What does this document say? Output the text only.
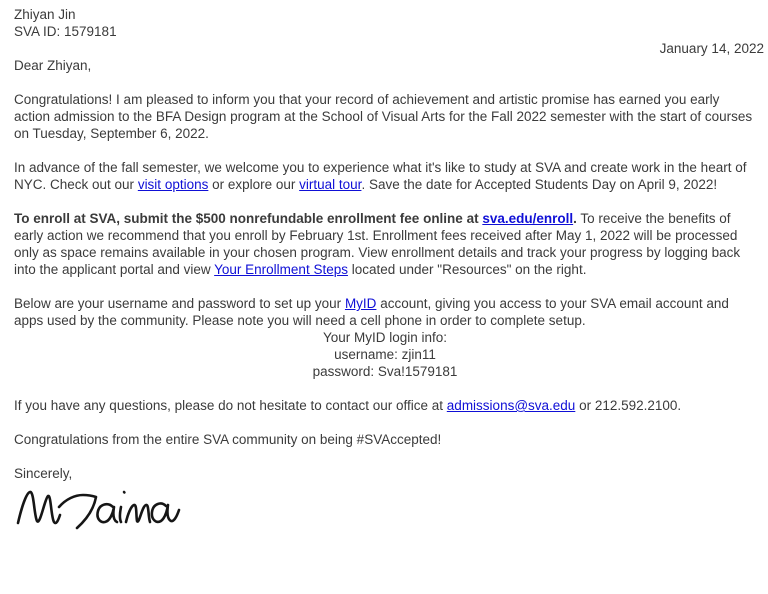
Zhiyan Jin
SVA ID: 1579181
January 14, 2022
Dear Zhiyan,
Congratulations! I am pleased to inform you that your record of achievement and artistic promise has earned you early action admission to the BFA Design program at the School of Visual Arts for the Fall 2022 semester with the start of courses on Tuesday, September 6, 2022.
In advance of the fall semester, we welcome you to experience what it's like to study at SVA and create work in the heart of NYC. Check out our visit options or explore our virtual tour. Save the date for Accepted Students Day on April 9, 2022!
To enroll at SVA, submit the $500 nonrefundable enrollment fee online at sva.edu/enroll. To receive the benefits of early action we recommend that you enroll by February 1st. Enrollment fees received after May 1, 2022 will be processed only as space remains available in your chosen program. View enrollment details and track your progress by logging back into the applicant portal and view Your Enrollment Steps located under "Resources" on the right.
Below are your username and password to set up your MyID account, giving you access to your SVA email account and apps used by the community. Please note you will need a cell phone in order to complete setup.
Your MyID login info:
username: zjin11
password: Sva!1579181
If you have any questions, please do not hesitate to contact our office at admissions@sva.edu or 212.592.2100.
Congratulations from the entire SVA community on being #SVAccepted!
Sincerely,
